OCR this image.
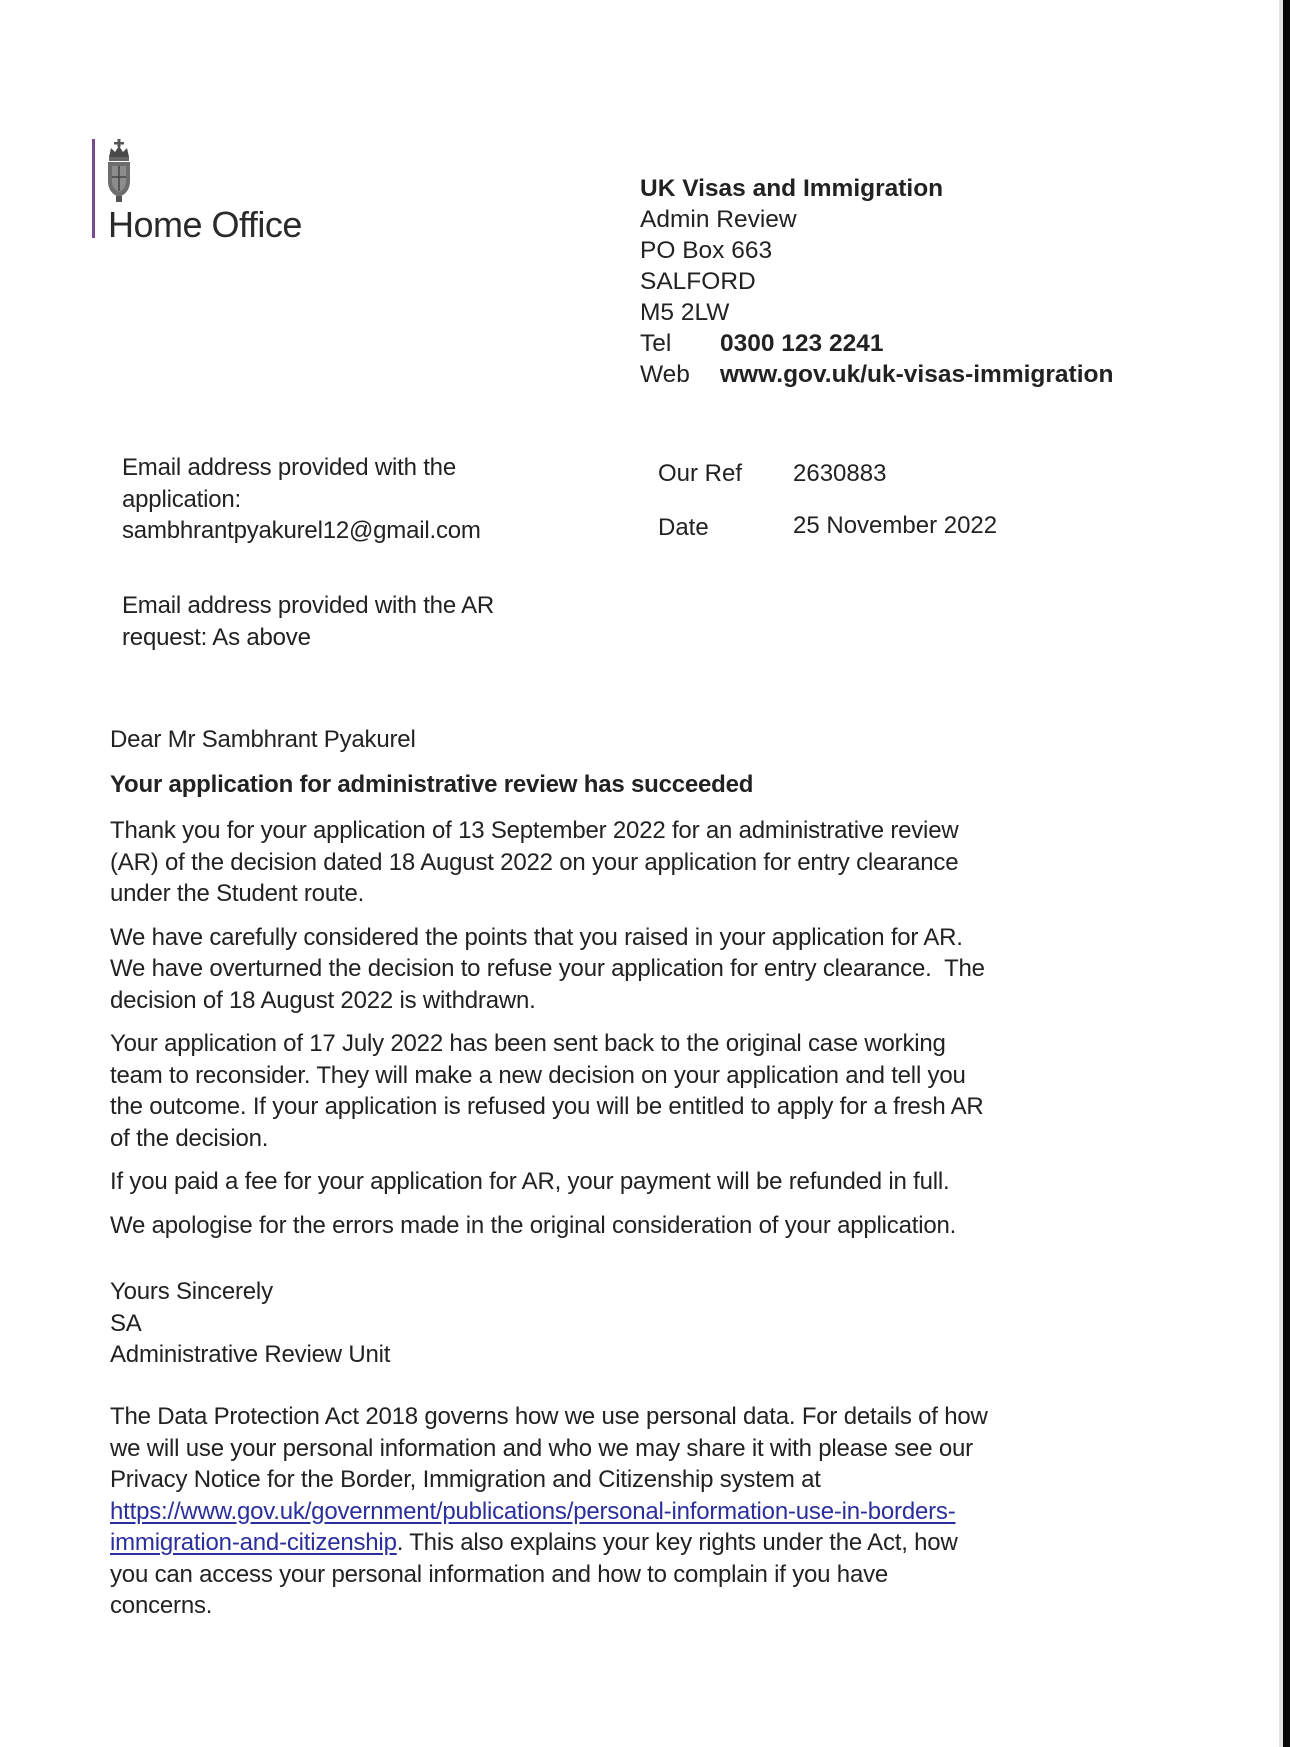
Home Office
UK Visas and Immigration
Admin Review
PO Box 663
SALFORD
M5 2LW
Tel 0300 123 2241
Web www.gov.uk/uk-visas-immigration
Email address provided with the
application:
sambhrantpyakurel12@gmail.com
Email address provided with the AR
request: As above
Our Ref 2630883
Date	25 November 2022
Dear Mr Sambhrant Pyakurel
Your application for administrative review has succeeded
Thank you for your application of 13 September 2022 for an administrative review
(AR) of the decision dated 18 August 2022 on your application for entry clearance
under the Student route.
We have carefully considered the points that you raised in your application for AR.
We have overturned the decision to refuse your application for entry clearance.  The
decision of 18 August 2022 is withdrawn.
Your application of 17 July 2022 has been sent back to the original case working
team to reconsider. They will make a new decision on your application and tell you
the outcome. If your application is refused you will be entitled to apply for a fresh AR
of the decision.
If you paid a fee for your application for AR, your payment will be refunded in full.
We apologise for the errors made in the original consideration of your application.
Yours Sincerely
SA
Administrative Review Unit
The Data Protection Act 2018 governs how we use personal data. For details of how
we will use your personal information and who we may share it with please see our
Privacy Notice for the Border, Immigration and Citizenship system at
https://www.gov.uk/government/publications/personal-information-use-in-borders-
immigration-and-citizenship. This also explains your key rights under the Act, how
you can access your personal information and how to complain if you have
concerns.
